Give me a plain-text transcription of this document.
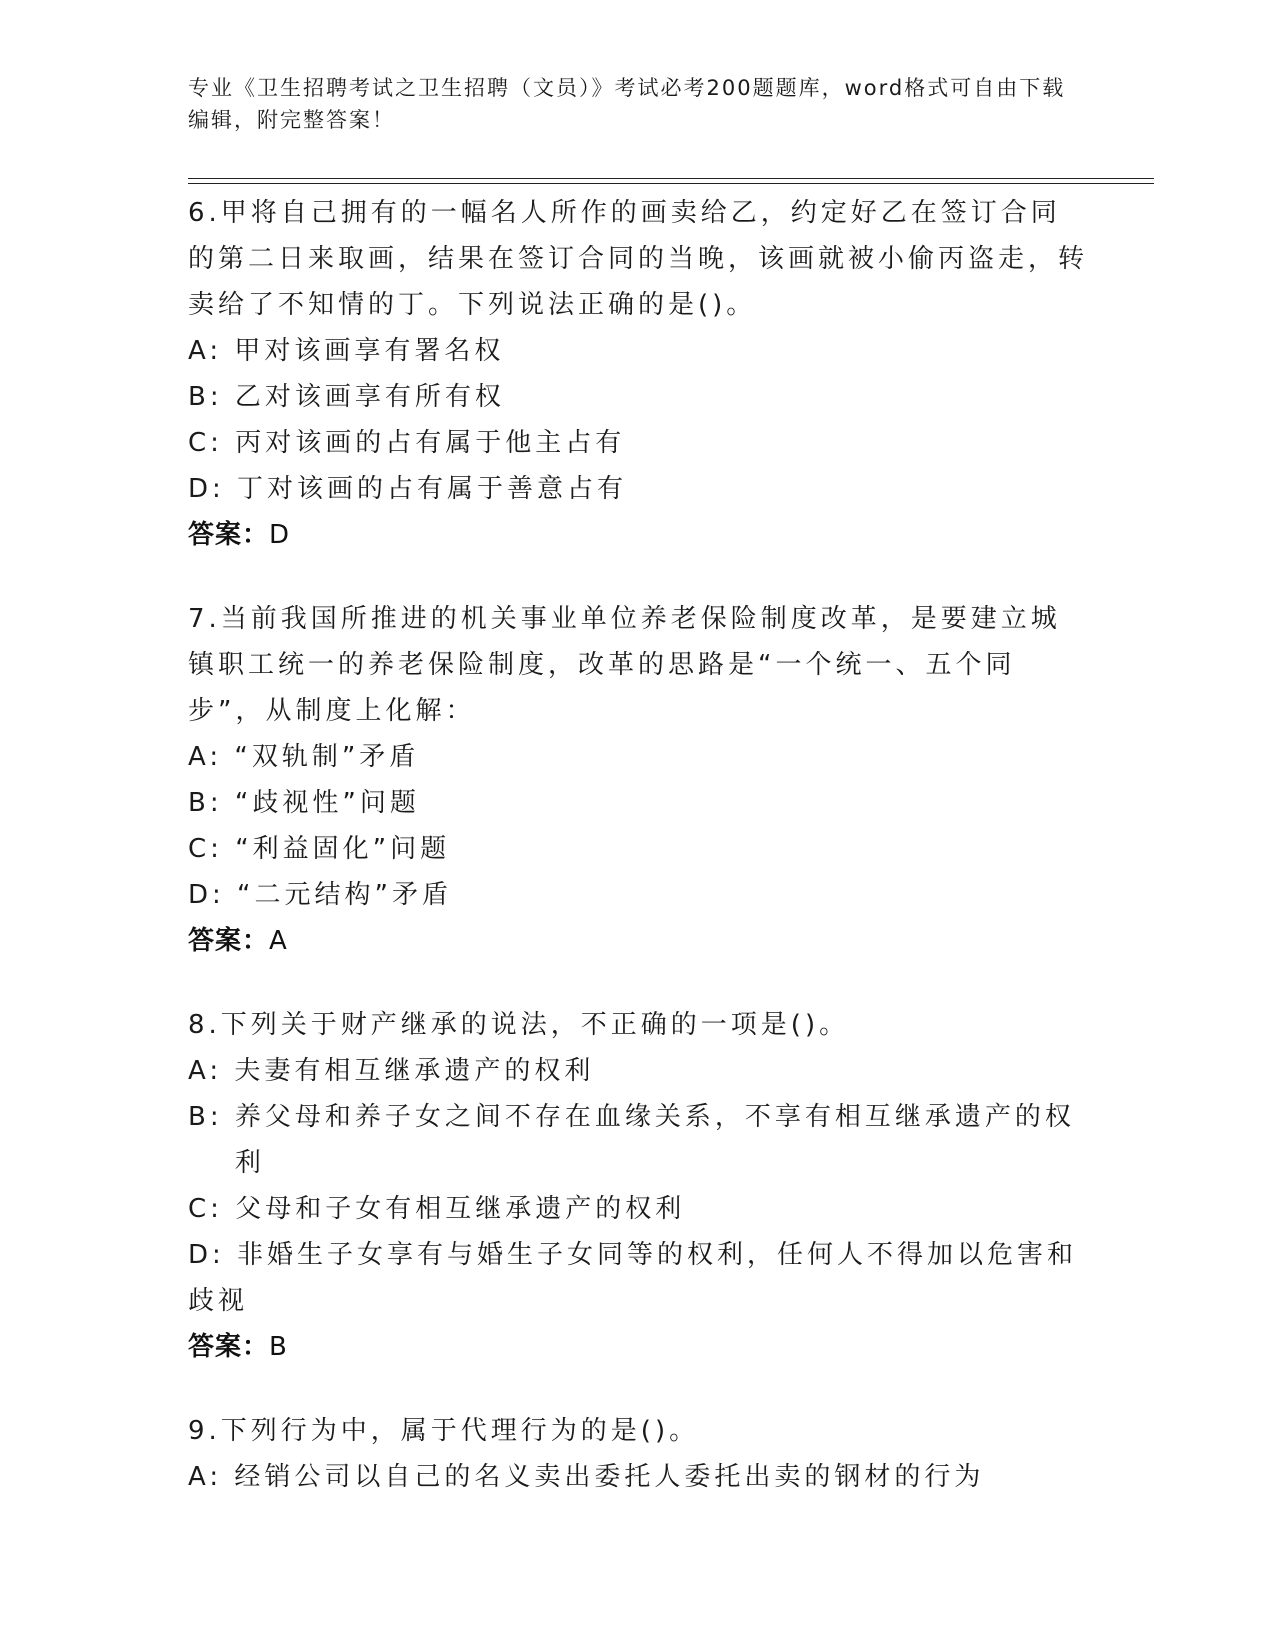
专业《卫生招聘考试之卫生招聘（文员）》考试必考200题题库，word格式可自由下载编辑，附完整答案！

6.甲将自己拥有的一幅名人所作的画卖给乙，约定好乙在签订合同的第二日来取画，结果在签订合同的当晚，该画就被小偷丙盗走，转卖给了不知情的丁。下列说法正确的是()。

A:
甲对该画享有署名权

B:
乙对该画享有所有权

C:
丙对该画的占有属于他主占有

D:
丁对该画的占有属于善意占有

答案：D

7.当前我国所推进的机关事业单位养老保险制度改革，是要建立城镇职工统一的养老保险制度，改革的思路是“一个统一、五个同步”，从制度上化解：

A:
“双轨制”矛盾

B:
“歧视性”问题

C:
“利益固化”问题

D:
“二元结构”矛盾

答案：A

8.下列关于财产继承的说法，不正确的一项是()。

A:
夫妻有相互继承遗产的权利

B:
养父母和养子女之间不存在血缘关系，不享有相互继承遗产的权利

C:
父母和子女有相互继承遗产的权利

D: 非婚生子女享有与婚生子女同等的权利，任何人不得加以危害和歧视

答案：B

9.下列行为中，属于代理行为的是()。

A:
经销公司以自己的名义卖出委托人委托出卖的钢材的行为
